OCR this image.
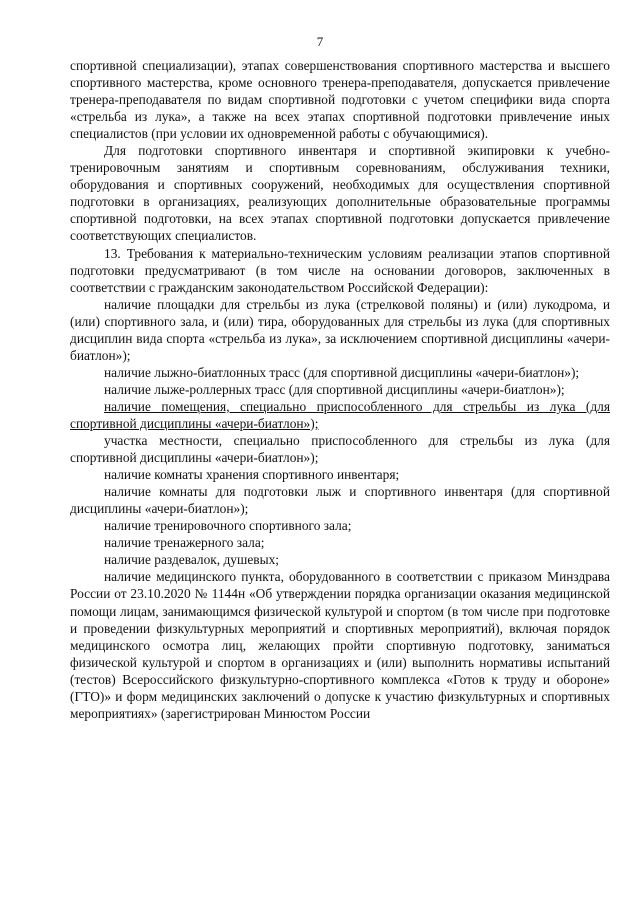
7

спортивной специализации), этапах совершенствования спортивного мастерства и высшего спортивного мастерства, кроме основного тренера-преподавателя, допускается привлечение тренера-преподавателя по видам спортивной подготовки с учетом специфики вида спорта «стрельба из лука», а также на всех этапах спортивной подготовки привлечение иных специалистов (при условии их одновременной работы с обучающимися).

Для подготовки спортивного инвентаря и спортивной экипировки к учебно-тренировочным занятиям и спортивным соревнованиям, обслуживания техники, оборудования и спортивных сооружений, необходимых для осуществления спортивной подготовки в организациях, реализующих дополнительные образовательные программы спортивной подготовки, на всех этапах спортивной подготовки допускается привлечение соответствующих специалистов.

13. Требования к материально-техническим условиям реализации этапов спортивной подготовки предусматривают (в том числе на основании договоров, заключенных в соответствии с гражданским законодательством Российской Федерации):

наличие площадки для стрельбы из лука (стрелковой поляны) и (или) лукодрома, и (или) спортивного зала, и (или) тира, оборудованных для стрельбы из лука (для спортивных дисциплин вида спорта «стрельба из лука», за исключением спортивной дисциплины «ачери-биатлон»);

наличие лыжно-биатлонных трасс (для спортивной дисциплины «ачери-биатлон»);

наличие лыже-роллерных трасс (для спортивной дисциплины «ачери-биатлон»);

наличие помещения, специально приспособленного для стрельбы из лука (для спортивной дисциплины «ачери-биатлон»);

участка местности, специально приспособленного для стрельбы из лука (для спортивной дисциплины «ачери-биатлон»);

наличие комнаты хранения спортивного инвентаря;

наличие комнаты для подготовки лыж и спортивного инвентаря (для спортивной дисциплины «ачери-биатлон»);

наличие тренировочного спортивного зала;

наличие тренажерного зала;

наличие раздевалок, душевых;

наличие медицинского пункта, оборудованного в соответствии с приказом Минздрава России от 23.10.2020 № 1144н «Об утверждении порядка организации оказания медицинской помощи лицам, занимающимся физической культурой и спортом (в том числе при подготовке и проведении физкультурных мероприятий и спортивных мероприятий), включая порядок медицинского осмотра лиц, желающих пройти спортивную подготовку, заниматься физической культурой и спортом в организациях и (или) выполнить нормативы испытаний (тестов) Всероссийского физкультурно-спортивного комплекса «Готов к труду и обороне» (ГТО)» и форм медицинских заключений о допуске к участию физкультурных и спортивных мероприятиях» (зарегистрирован Минюстом России
